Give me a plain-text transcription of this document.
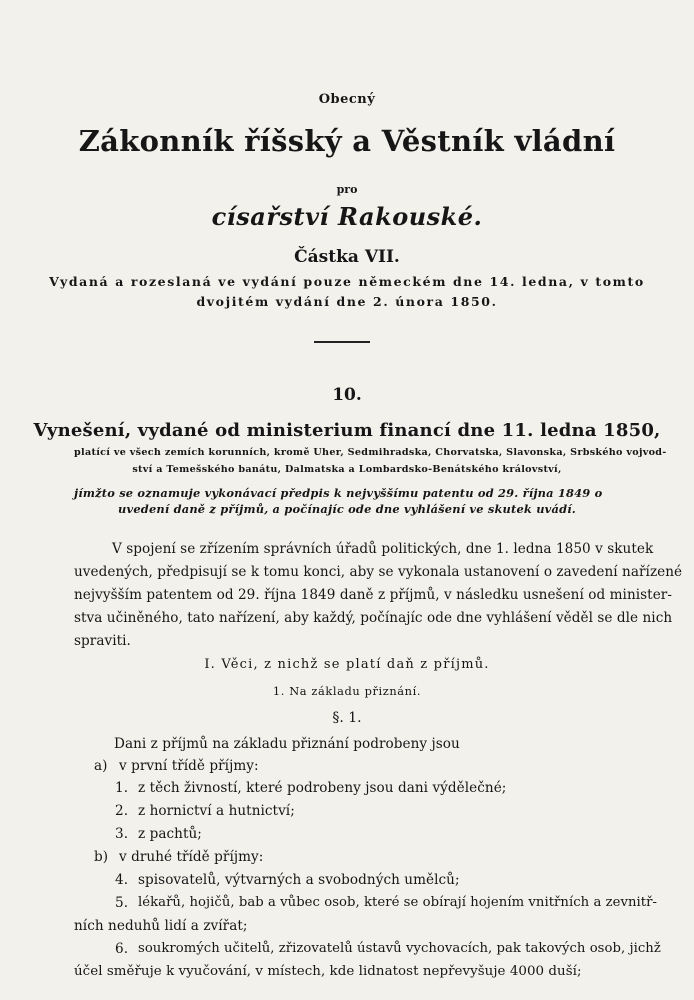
Obecný
Zákonník říšský a Věstník vládní
pro
císařství Rakouské.
Částka VII.
Vydaná a rozeslaná ve vydání pouze německém dne 14. ledna, v tomto
dvojitém vydání dne 2. února 1850.
10.
Vynešení, vydané od ministerium financí dne 11. ledna 1850,
platící ve všech zemích korunních, kromě Uher, Sedmihradska, Chorvatska, Slavonska, Srbského vojvod-
ství a Temešského banátu, Dalmatska a Lombardsko-Benátského království,
jímžto se oznamuje vykonávací předpis k nejvyššímu patentu od 29. října 1849 o
uvedení daně z příjmů, a počínajíc ode dne vyhlášení ve skutek uvádí.
V spojení se zřízením správních úřadů politických, dne 1. ledna 1850 v skutek
uvedených, předpisují se k tomu konci, aby se vykonala ustanovení o zavedení nařízené
nejvyšším patentem od 29. října 1849 daně z příjmů, v následku usnešení od minister-
stva učiněného, tato nařízení, aby každý, počínajíc ode dne vyhlášení věděl se dle nich
spraviti.
I. Věci, z nichž se platí daň z příjmů.
1. Na základu přiznání.
§. 1.
Dani z příjmů na základu přiznání podrobeny jsou
a) v první třídě příjmy:
1. z těch živností, které podrobeny jsou dani výdělečné;
2. z hornictví a hutnictví;
3. z pachtů;
b) v druhé třídě příjmy:
4. spisovatelů, výtvarných a svobodných umělců;
5. lékařů, hojičů, bab a vůbec osob, které se obírají hojením vnitřních a zevnitř-
ních neduhů lidí a zvířat;
6. soukromých učitelů, zřizovatelů ústavů vychovacích, pak takových osob, jichž
účel směřuje k vyučování, v místech, kde lidnatost nepřevyšuje 4000 duší;
